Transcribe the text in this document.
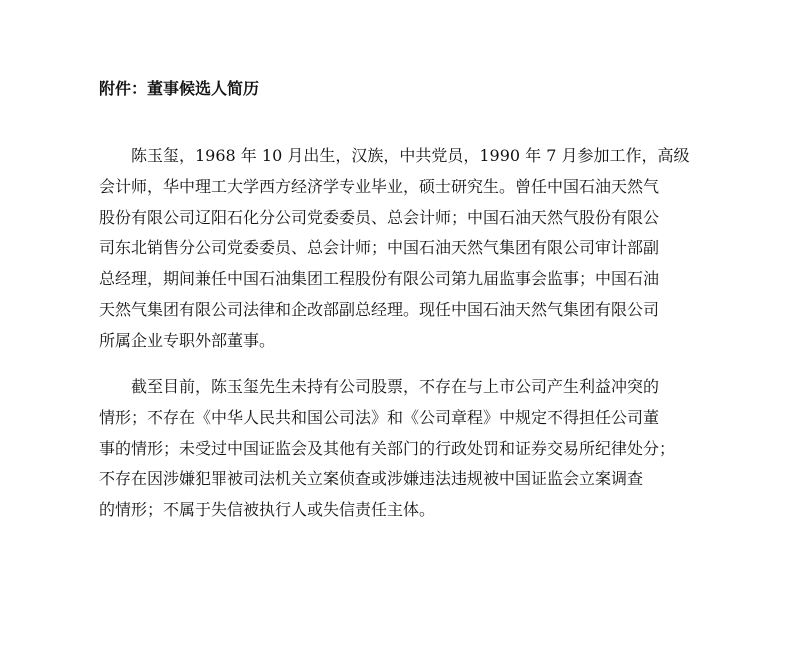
附件：董事候选人简历
陈玉玺，1968 年 10 月出生，汉族，中共党员，1990 年 7 月参加工作，高级
会计师，华中理工大学西方经济学专业毕业，硕士研究生。曾任中国石油天然气
股份有限公司辽阳石化分公司党委委员、总会计师；中国石油天然气股份有限公
司东北销售分公司党委委员、总会计师；中国石油天然气集团有限公司审计部副
总经理，期间兼任中国石油集团工程股份有限公司第九届监事会监事；中国石油
天然气集团有限公司法律和企改部副总经理。现任中国石油天然气集团有限公司
所属企业专职外部董事。
截至目前，陈玉玺先生未持有公司股票，不存在与上市公司产生利益冲突的
情形；不存在《中华人民共和国公司法》和《公司章程》中规定不得担任公司董
事的情形；未受过中国证监会及其他有关部门的行政处罚和证券交易所纪律处分；
不存在因涉嫌犯罪被司法机关立案侦查或涉嫌违法违规被中国证监会立案调查
的情形；不属于失信被执行人或失信责任主体。
